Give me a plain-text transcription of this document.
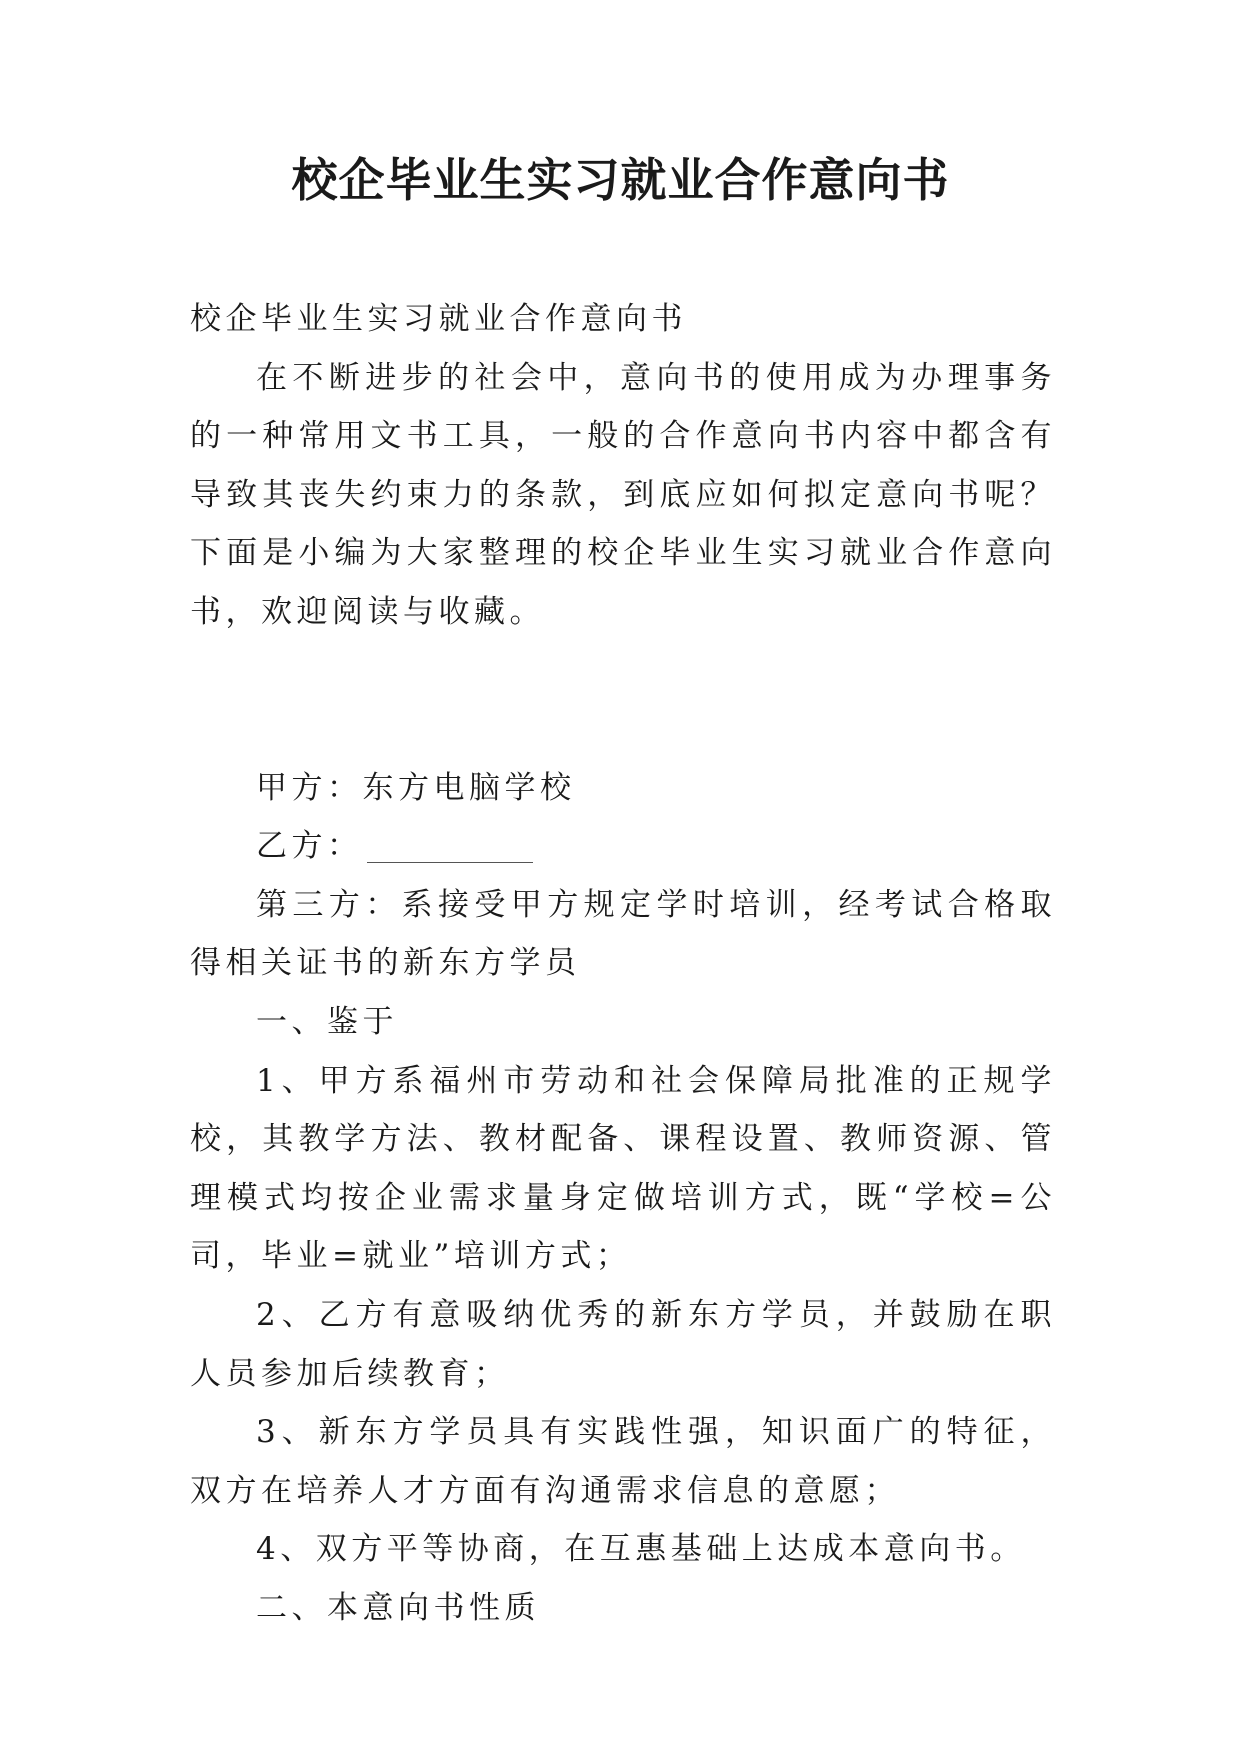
校企毕业生实习就业合作意向书

校企毕业生实习就业合作意向书

在不断进步的社会中，意向书的使用成为办理事务的一种常用文书工具，一般的合作意向书内容中都含有导致其丧失约束力的条款，到底应如何拟定意向书呢？下面是小编为大家整理的校企毕业生实习就业合作意向书，欢迎阅读与收藏。

甲方：东方电脑学校

乙方：

第三方：系接受甲方规定学时培训，经考试合格取得相关证书的新东方学员

一、鉴于

1、甲方系福州市劳动和社会保障局批准的正规学校，其教学方法、教材配备、课程设置、教师资源、管理模式均按企业需求量身定做培训方式，既“学校=公司，毕业=就业”培训方式；

2、乙方有意吸纳优秀的新东方学员，并鼓励在职人员参加后续教育；

3、新东方学员具有实践性强，知识面广的特征，双方在培养人才方面有沟通需求信息的意愿；

4、双方平等协商，在互惠基础上达成本意向书。

二、本意向书性质
